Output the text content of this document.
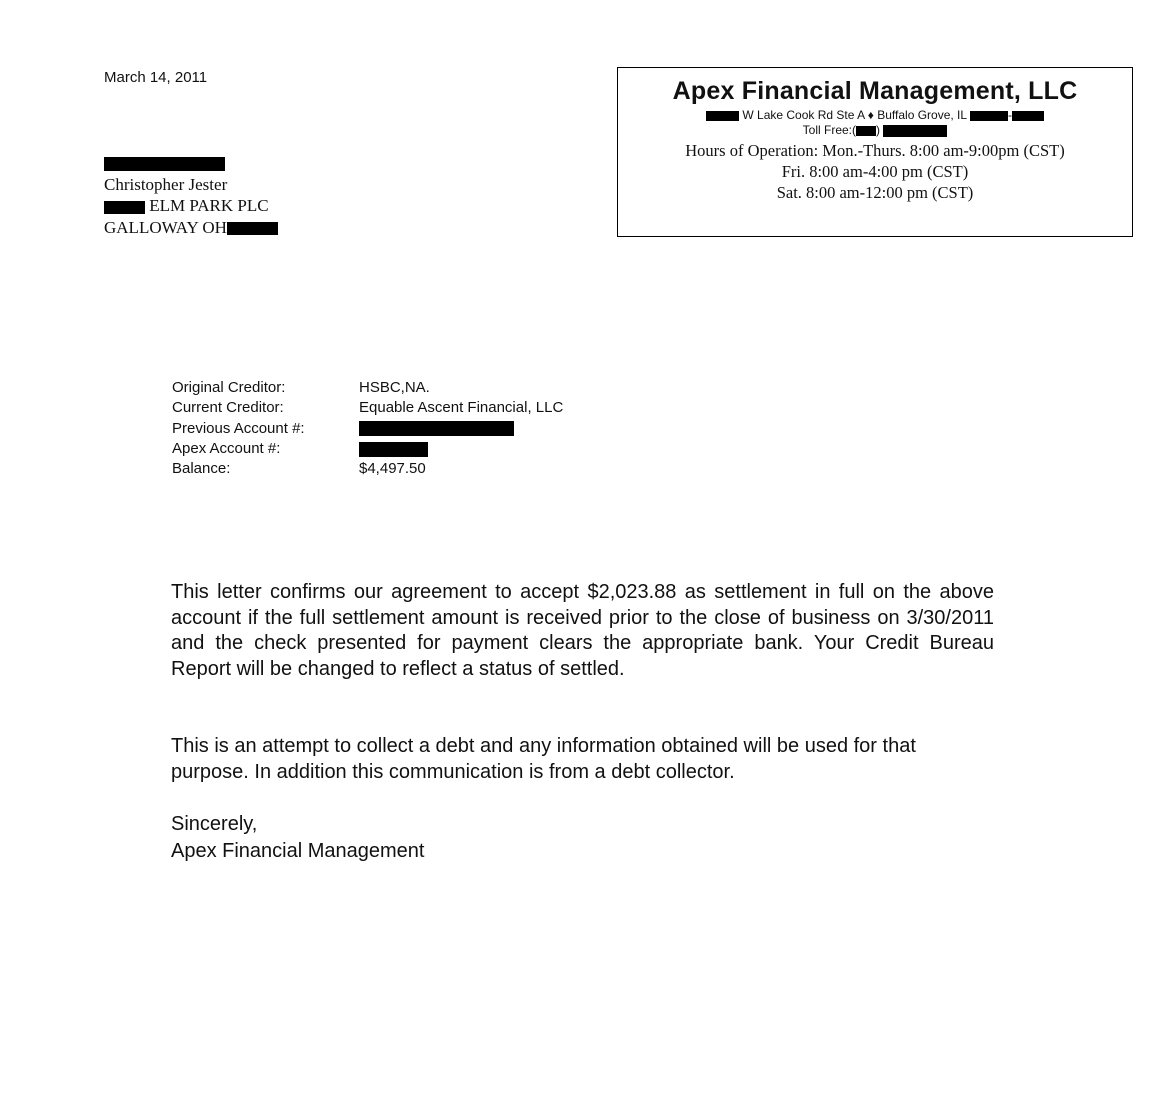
March 14, 2011
Christopher Jester
ELM PARK PLC
GALLOWAY OH
Apex Financial Management, LLC
W Lake Cook Rd Ste A ♦ Buffalo Grove, IL	-
Toll Free:( )
Hours of Operation: Mon.-Thurs. 8:00 am-9:00pm (CST)
Fri. 8:00 am-4:00 pm (CST)
Sat. 8:00 am-12:00 pm (CST)
Original Creditor:	HSBC,NA.
Current Creditor:	Equable Ascent Financial, LLC
Previous Account #:
Apex Account #:
Balance:	$4,497.50
This letter confirms our agreement to accept $2,023.88 as settlement in full on the above account if the full settlement amount is received prior to the close of business on 3/30/2011 and the check presented for payment clears the appropriate bank. Your Credit Bureau Report will be changed to reflect a status of settled.
This is an attempt to collect a debt and any information obtained will be used for that purpose. In addition this communication is from a debt collector.
Sincerely,
Apex Financial Management
